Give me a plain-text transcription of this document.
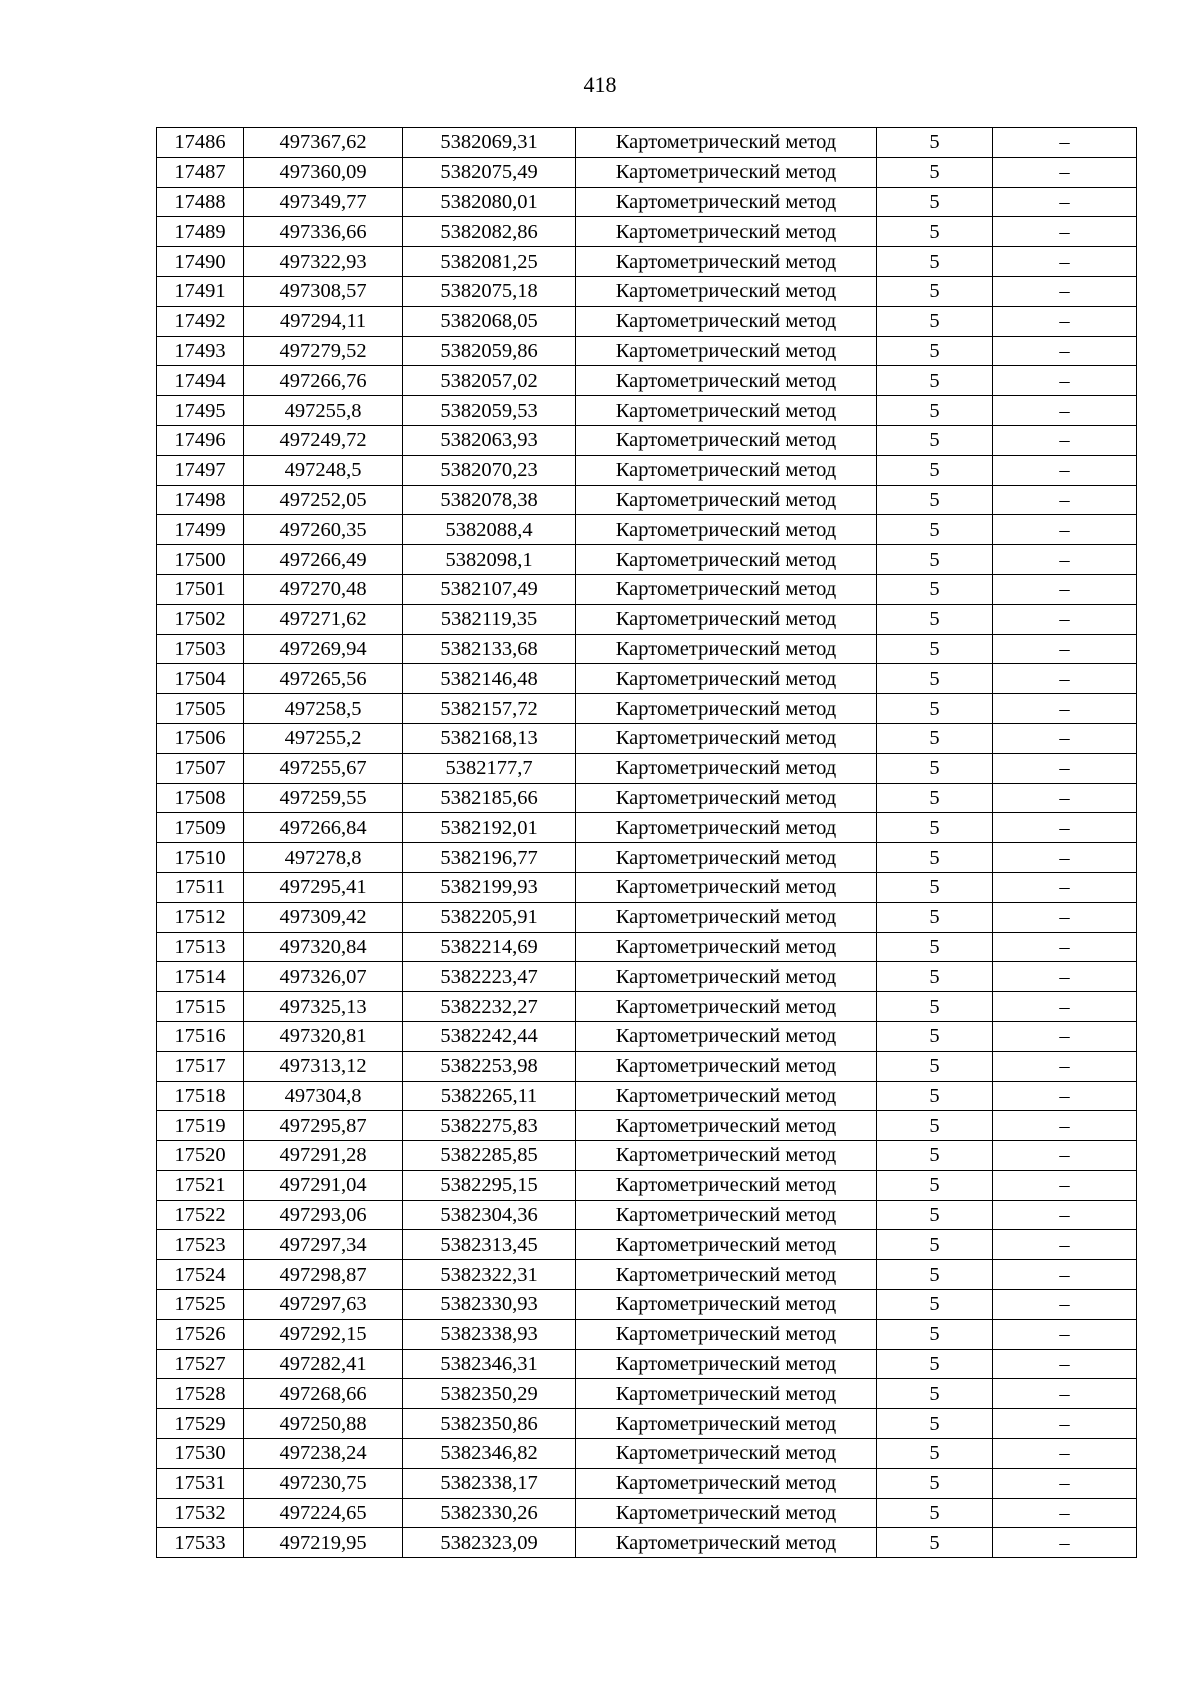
418
17486	497367,62	5382069,31	Картометрический метод	5	–
17487	497360,09	5382075,49	Картометрический метод	5	–
17488	497349,77	5382080,01	Картометрический метод	5	–
17489	497336,66	5382082,86	Картометрический метод	5	–
17490	497322,93	5382081,25	Картометрический метод	5	–
17491	497308,57	5382075,18	Картометрический метод	5	–
17492	497294,11	5382068,05	Картометрический метод	5	–
17493	497279,52	5382059,86	Картометрический метод	5	–
17494	497266,76	5382057,02	Картометрический метод	5	–
17495	497255,8	5382059,53	Картометрический метод	5	–
17496	497249,72	5382063,93	Картометрический метод	5	–
17497	497248,5	5382070,23	Картометрический метод	5	–
17498	497252,05	5382078,38	Картометрический метод	5	–
17499	497260,35	5382088,4	Картометрический метод	5	–
17500	497266,49	5382098,1	Картометрический метод	5	–
17501	497270,48	5382107,49	Картометрический метод	5	–
17502	497271,62	5382119,35	Картометрический метод	5	–
17503	497269,94	5382133,68	Картометрический метод	5	–
17504	497265,56	5382146,48	Картометрический метод	5	–
17505	497258,5	5382157,72	Картометрический метод	5	–
17506	497255,2	5382168,13	Картометрический метод	5	–
17507	497255,67	5382177,7	Картометрический метод	5	–
17508	497259,55	5382185,66	Картометрический метод	5	–
17509	497266,84	5382192,01	Картометрический метод	5	–
17510	497278,8	5382196,77	Картометрический метод	5	–
17511	497295,41	5382199,93	Картометрический метод	5	–
17512	497309,42	5382205,91	Картометрический метод	5	–
17513	497320,84	5382214,69	Картометрический метод	5	–
17514	497326,07	5382223,47	Картометрический метод	5	–
17515	497325,13	5382232,27	Картометрический метод	5	–
17516	497320,81	5382242,44	Картометрический метод	5	–
17517	497313,12	5382253,98	Картометрический метод	5	–
17518	497304,8	5382265,11	Картометрический метод	5	–
17519	497295,87	5382275,83	Картометрический метод	5	–
17520	497291,28	5382285,85	Картометрический метод	5	–
17521	497291,04	5382295,15	Картометрический метод	5	–
17522	497293,06	5382304,36	Картометрический метод	5	–
17523	497297,34	5382313,45	Картометрический метод	5	–
17524	497298,87	5382322,31	Картометрический метод	5	–
17525	497297,63	5382330,93	Картометрический метод	5	–
17526	497292,15	5382338,93	Картометрический метод	5	–
17527	497282,41	5382346,31	Картометрический метод	5	–
17528	497268,66	5382350,29	Картометрический метод	5	–
17529	497250,88	5382350,86	Картометрический метод	5	–
17530	497238,24	5382346,82	Картометрический метод	5	–
17531	497230,75	5382338,17	Картометрический метод	5	–
17532	497224,65	5382330,26	Картометрический метод	5	–
17533	497219,95	5382323,09	Картометрический метод	5	–
